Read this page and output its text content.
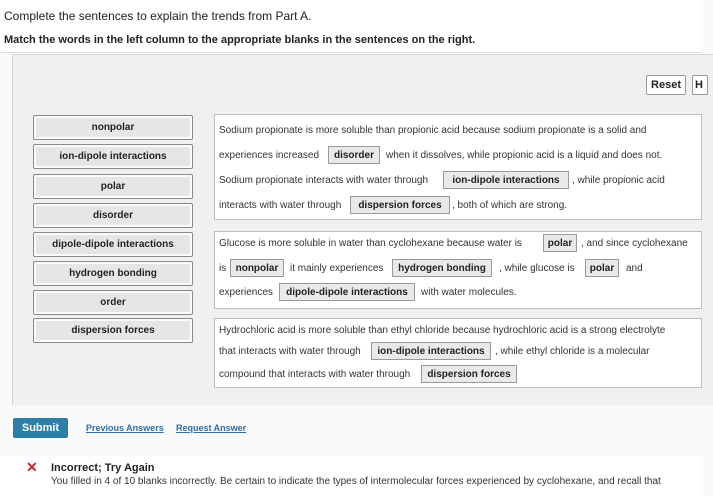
Complete the sentences to explain the trends from Part A.
Match the words in the left column to the appropriate blanks in the sentences on the right.
Reset	H
nonpolar
ion-dipole interactions
polar
disorder
dipole-dipole interactions
hydrogen bonding
order
dispersion forces
Sodium propionate is more soluble than propionic acid because sodium propionate is a solid and
experiences increased	disorder	when it dissolves, while propionic acid is a liquid and does not.
Sodium propionate interacts with water through	ion-dipole interactions	, while propionic acid
interacts with water through	dispersion forces	, both of which are strong.
Glucose is more soluble in water than cyclohexane because water is	polar , and since cyclohexane
is nonpolar	it mainly experiences	hydrogen bonding	, while glucose is	polar	and
experiences	dipole-dipole interactions	with water molecules.
Hydrochloric acid is more soluble than ethyl chloride because hydrochloric acid is a strong electrolyte
that interacts with water through	ion-dipole interactions	, while ethyl chloride is a molecular
compound that interacts with water through	dispersion forces
Submit	Previous Answers Request Answer
✕ Incorrect; Try Again
You filled in 4 of 10 blanks incorrectly. Be certain to indicate the types of intermolecular forces experienced by cyclohexane, and recall that
